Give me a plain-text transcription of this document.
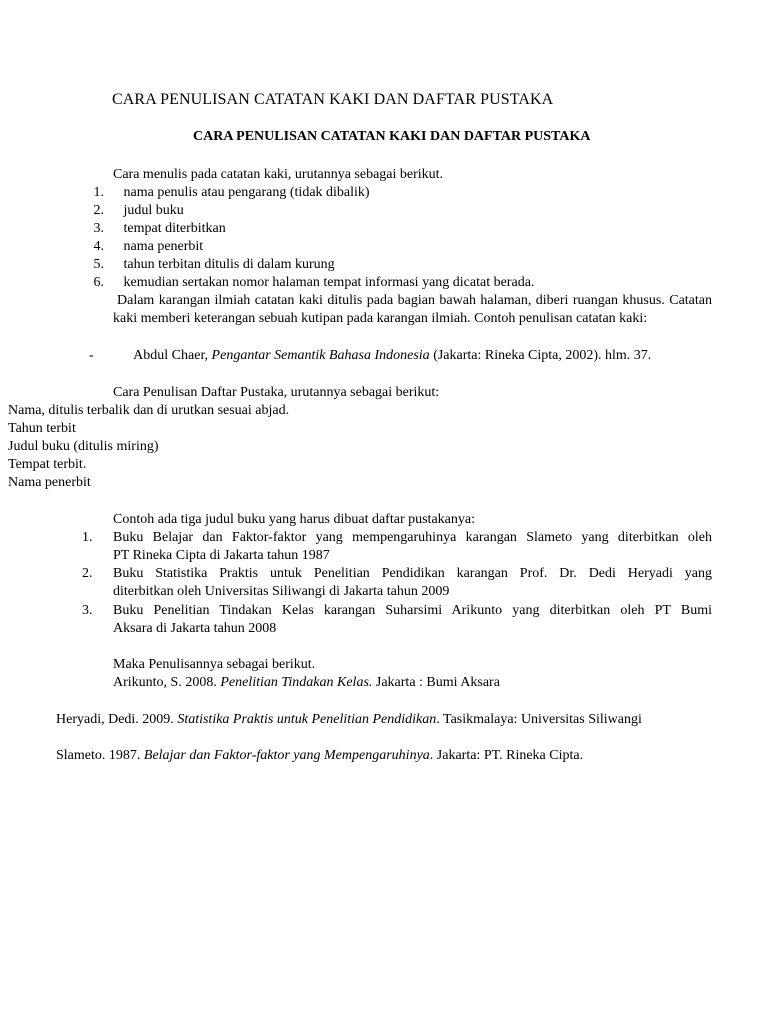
CARA PENULISAN CATATAN KAKI DAN DAFTAR PUSTAKA
CARA PENULISAN CATATAN KAKI DAN DAFTAR PUSTAKA
Cara menulis pada catatan kaki, urutannya sebagai berikut.
1. nama penulis atau pengarang (tidak dibalik)
2. judul buku
3. tempat diterbitkan
4. nama penerbit
5. tahun terbitan ditulis di dalam kurung
6. kemudian sertakan nomor halaman tempat informasi yang dicatat berada.
Dalam karangan ilmiah catatan kaki ditulis pada bagian bawah halaman, diberi ruangan khusus. Catatan kaki memberi keterangan sebuah kutipan pada karangan ilmiah. Contoh penulisan catatan kaki:
-	Abdul Chaer, Pengantar Semantik Bahasa Indonesia (Jakarta: Rineka Cipta, 2002). hlm. 37.
Cara Penulisan Daftar Pustaka, urutannya sebagai berikut:
Nama, ditulis terbalik dan di urutkan sesuai abjad.
Tahun terbit
Judul buku (ditulis miring)
Tempat terbit.
Nama penerbit
Contoh ada tiga judul buku yang harus dibuat daftar pustakanya:
1. Buku Belajar dan Faktor-faktor yang mempengaruhinya karangan Slameto yang diterbitkan oleh
PT Rineka Cipta di Jakarta tahun 1987
2. Buku Statistika Praktis untuk Penelitian Pendidikan karangan Prof. Dr. Dedi Heryadi yang
diterbitkan oleh Universitas Siliwangi di Jakarta tahun 2009
3. Buku Penelitian Tindakan Kelas karangan Suharsimi Arikunto yang diterbitkan oleh PT Bumi
Aksara di Jakarta tahun 2008
Maka Penulisannya sebagai berikut.
Arikunto, S. 2008. Penelitian Tindakan Kelas. Jakarta : Bumi Aksara
Heryadi, Dedi. 2009. Statistika Praktis untuk Penelitian Pendidikan. Tasikmalaya: Universitas Siliwangi
Slameto. 1987. Belajar dan Faktor-faktor yang Mempengaruhinya. Jakarta: PT. Rineka Cipta.
